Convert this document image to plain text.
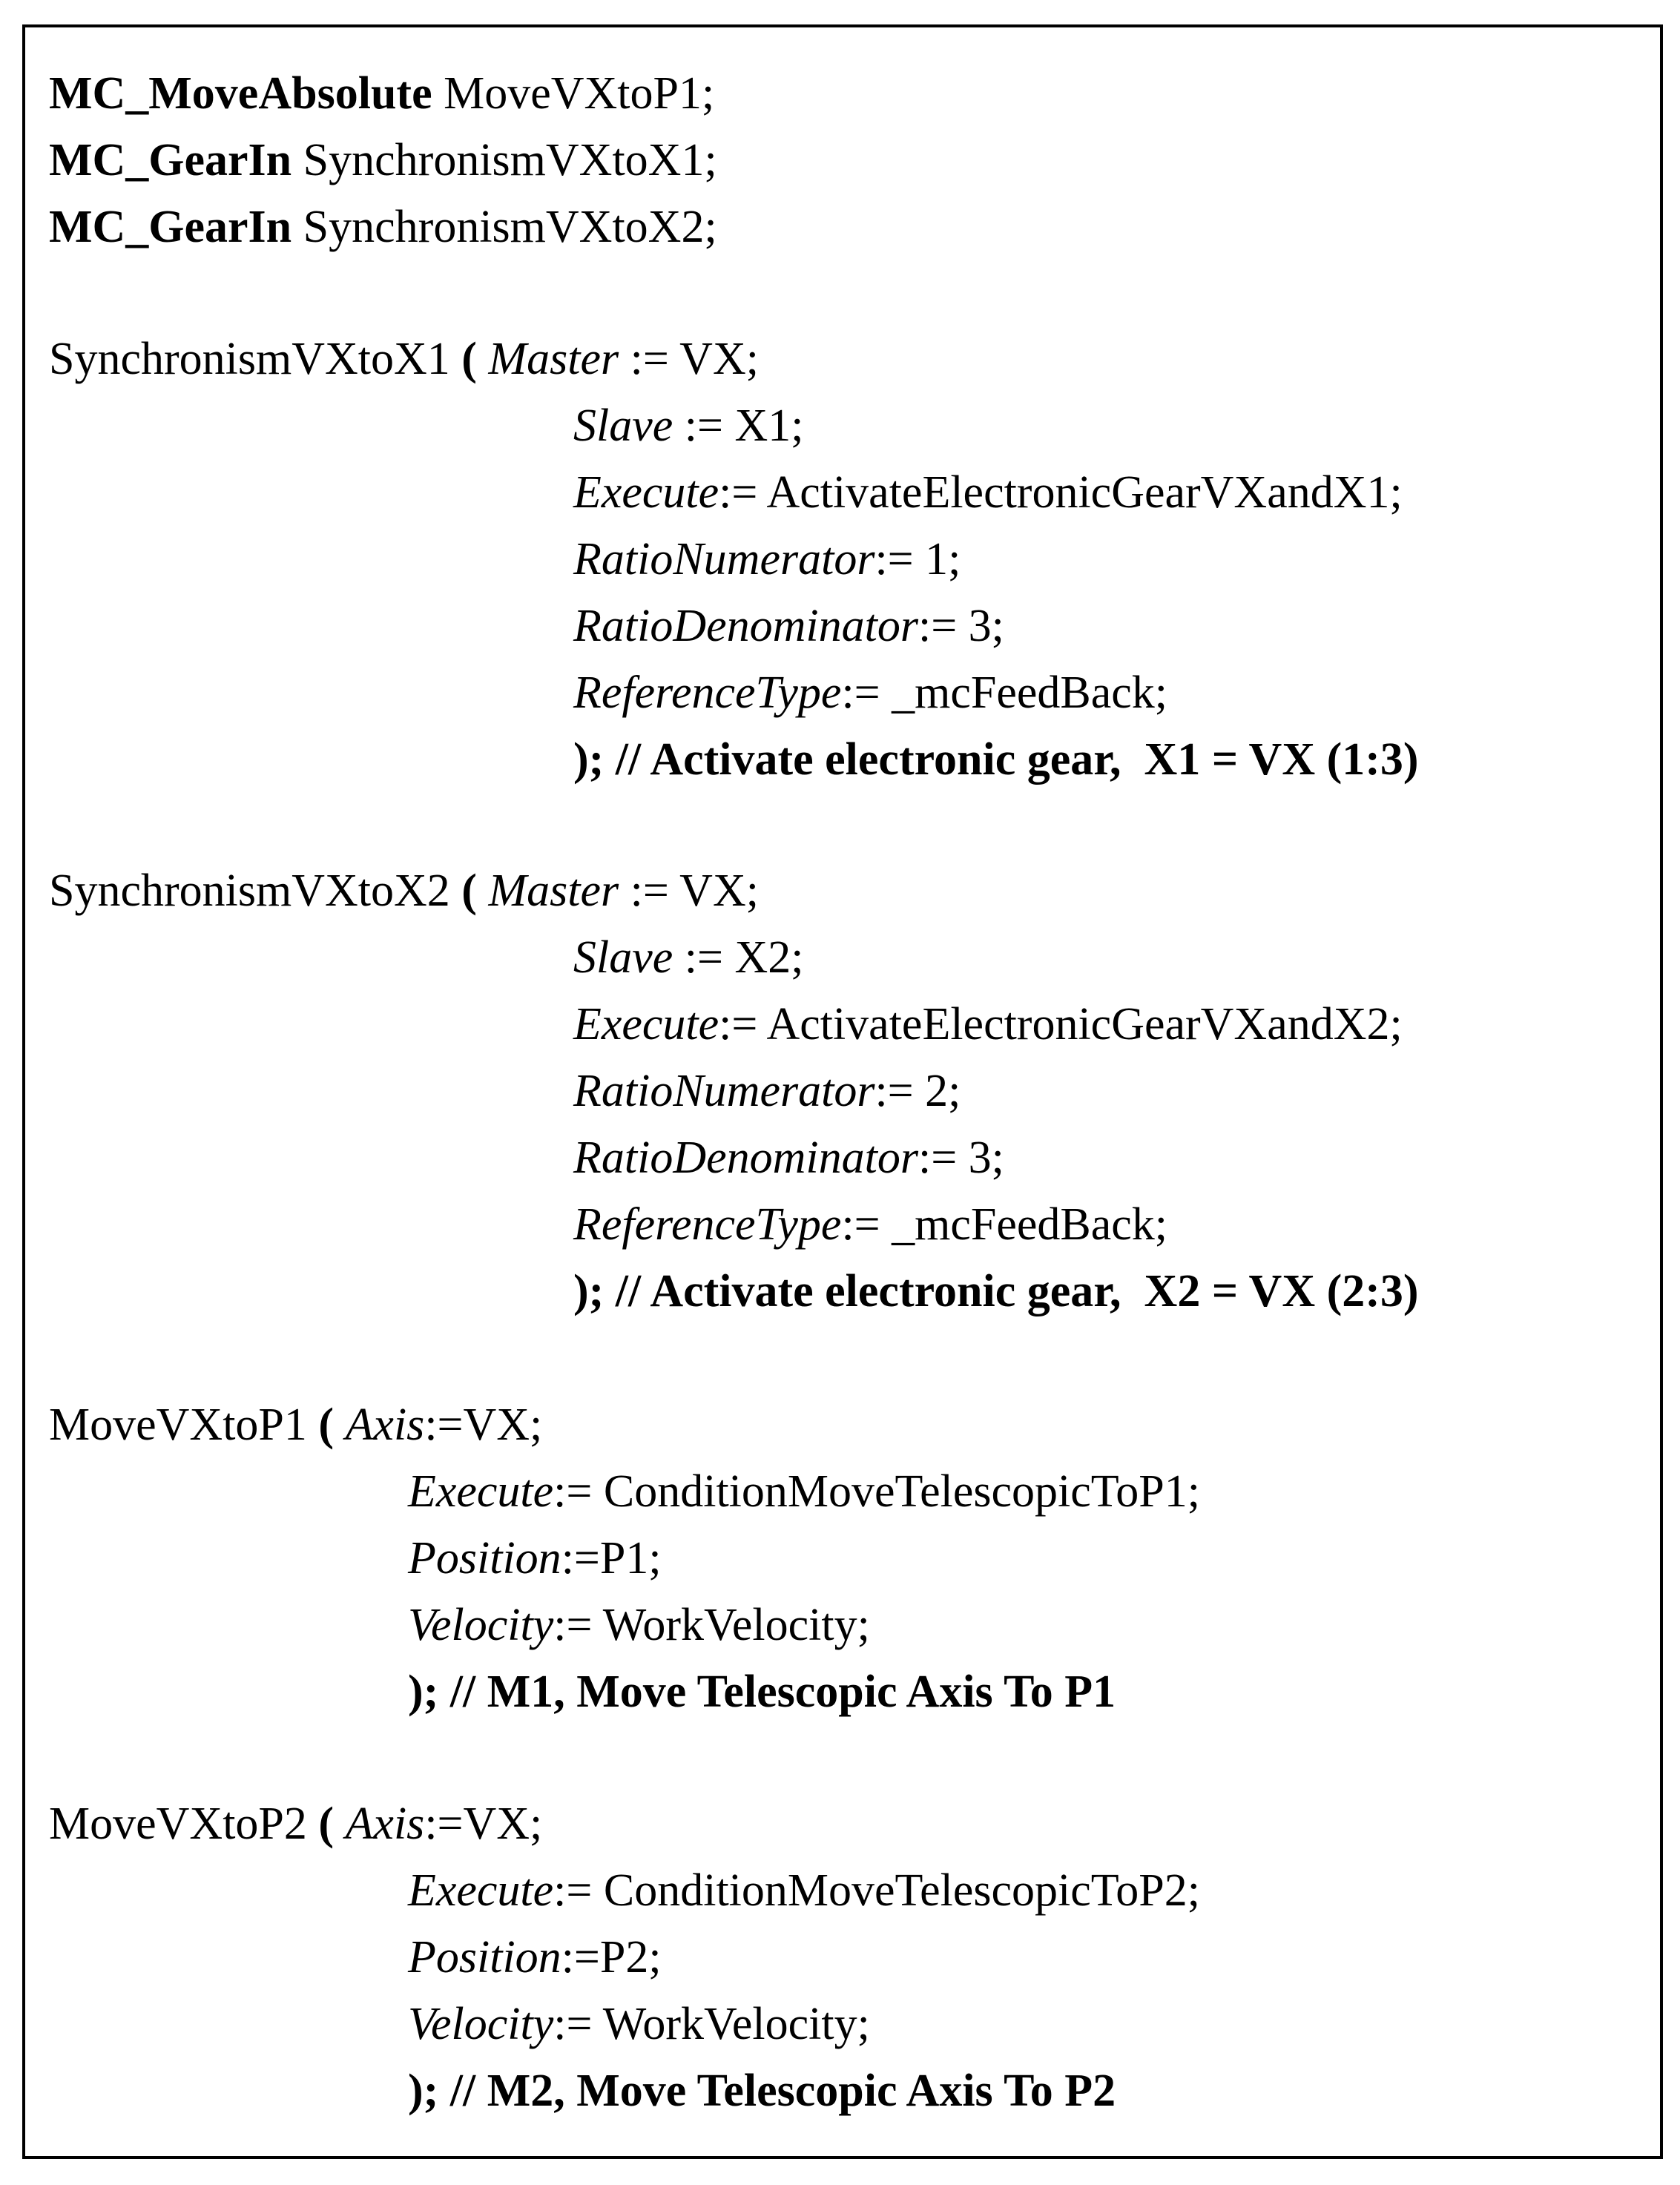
MC_MoveAbsolute MoveVXtoP1;
MC_GearIn SynchronismVXtoX1;
MC_GearIn SynchronismVXtoX2;
SynchronismVXtoX1 ( Master := VX;
Slave := X1;
Execute:= ActivateElectronicGearVXandX1;
RatioNumerator:= 1;
RatioDenominator:= 3;
ReferenceType:= _mcFeedBack;
); // Activate electronic gear,  X1 = VX (1:3)
SynchronismVXtoX2 ( Master := VX;
Slave := X2;
Execute:= ActivateElectronicGearVXandX2;
RatioNumerator:= 2;
RatioDenominator:= 3;
ReferenceType:= _mcFeedBack;
); // Activate electronic gear,  X2 = VX (2:3)
MoveVXtoP1 ( Axis:=VX;
Execute:= ConditionMoveTelescopicToP1;
Position:=P1;
Velocity:= WorkVelocity;
); // M1, Move Telescopic Axis To P1
MoveVXtoP2 ( Axis:=VX;
Execute:= ConditionMoveTelescopicToP2;
Position:=P2;
Velocity:= WorkVelocity;
); // M2, Move Telescopic Axis To P2
